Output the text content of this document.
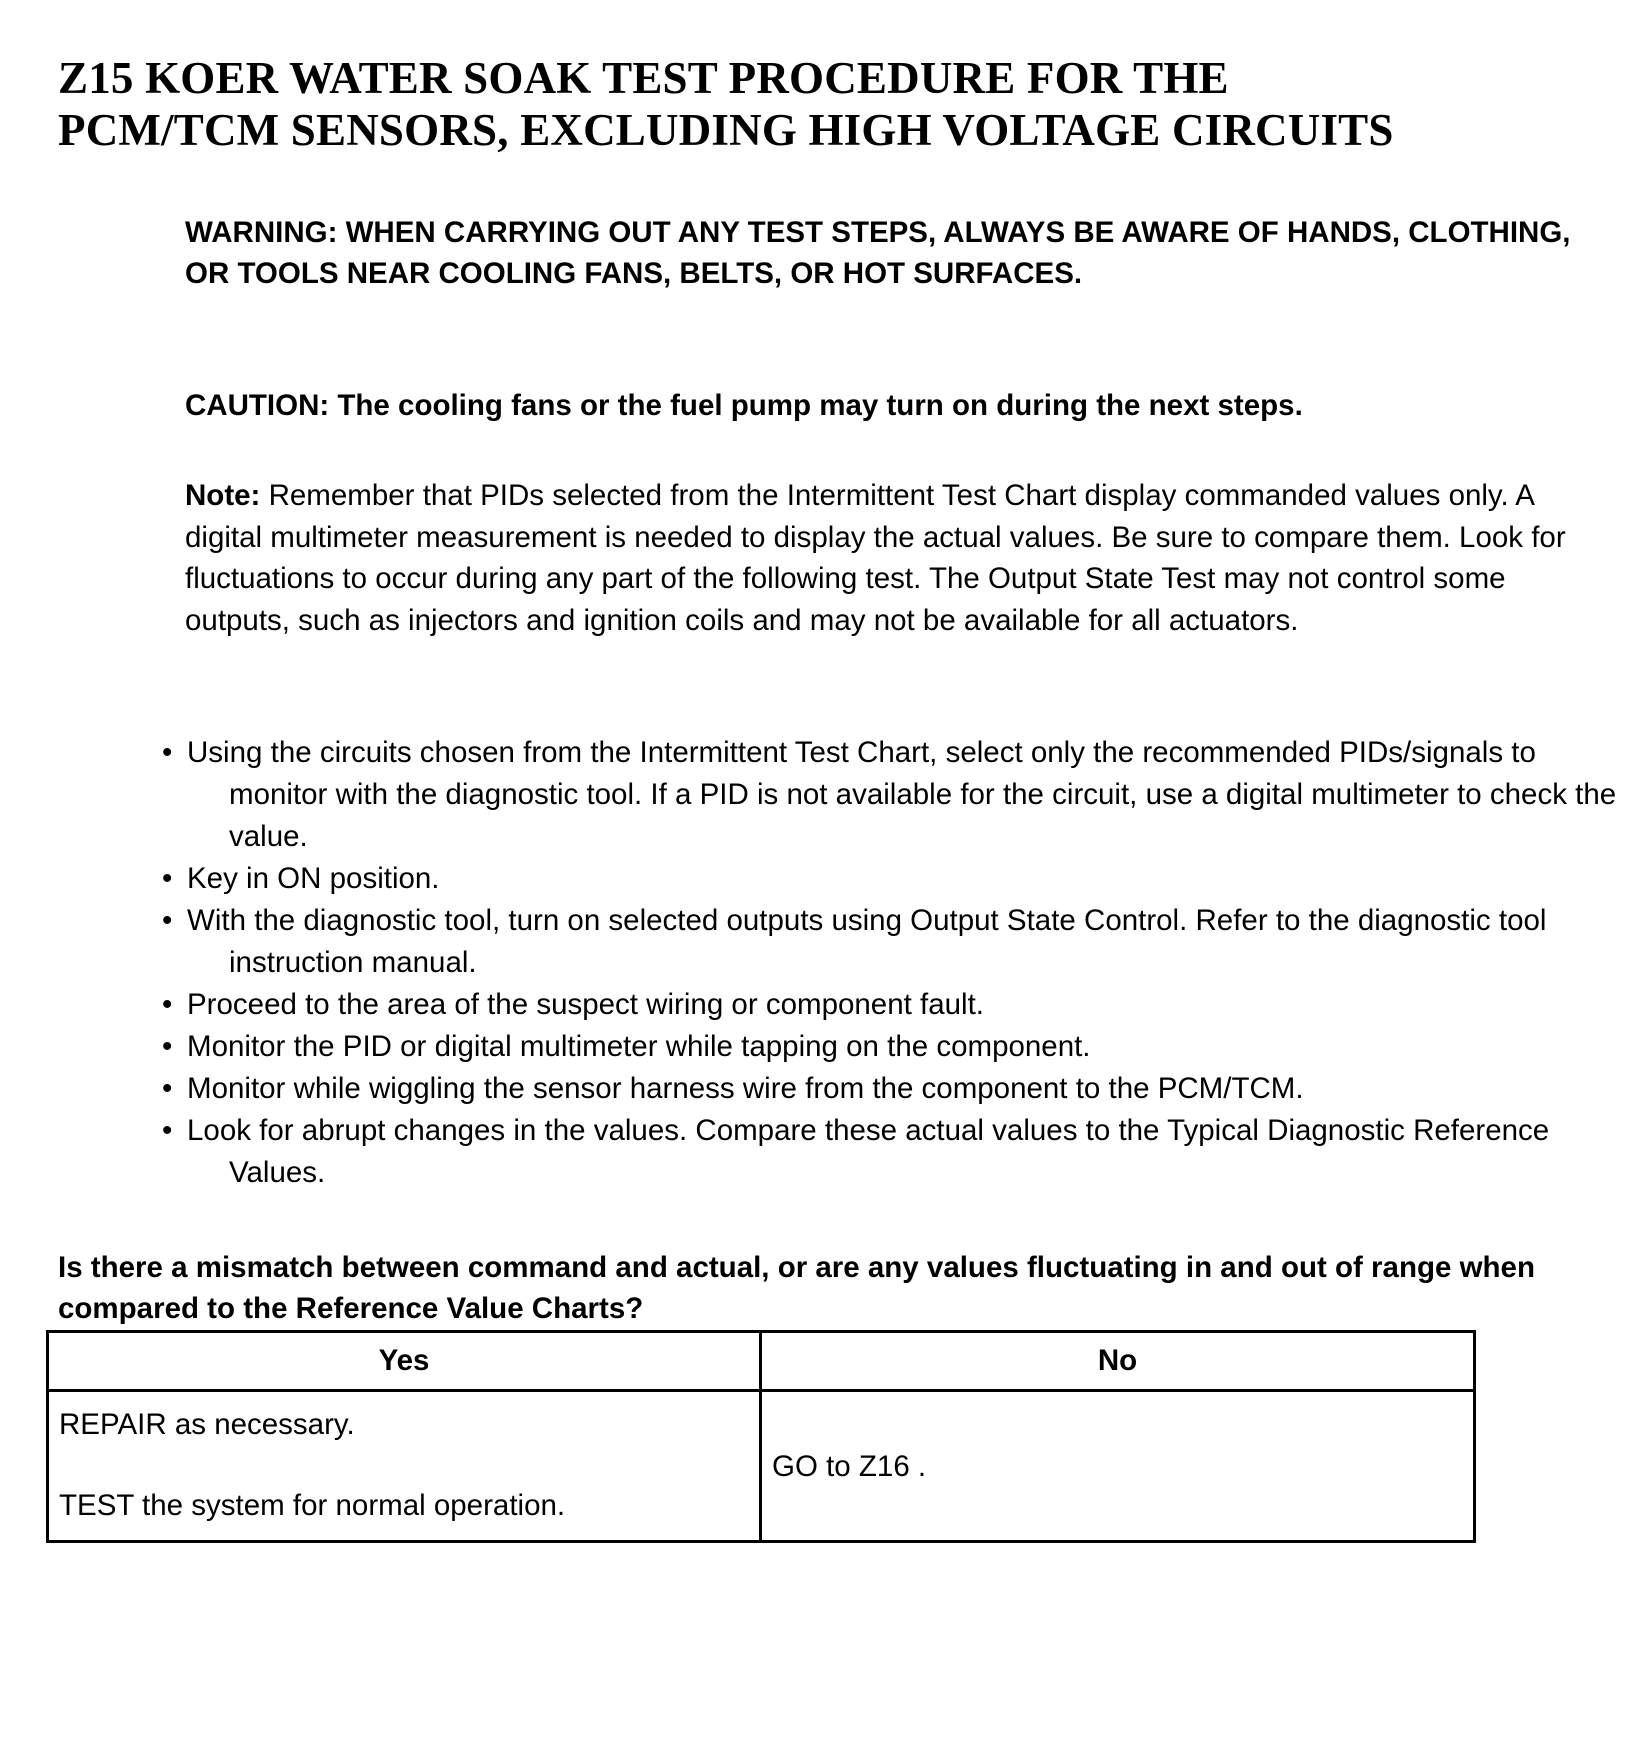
Z15 KOER WATER SOAK TEST PROCEDURE FOR THE
PCM/TCM SENSORS, EXCLUDING HIGH VOLTAGE CIRCUITS

WARNING: WHEN CARRYING OUT ANY TEST STEPS, ALWAYS BE AWARE OF HANDS, CLOTHING, OR TOOLS NEAR COOLING FANS, BELTS, OR HOT SURFACES.

CAUTION: The cooling fans or the fuel pump may turn on during the next steps.

Note: Remember that PIDs selected from the Intermittent Test Chart display commanded values only. A digital multimeter measurement is needed to display the actual values. Be sure to compare them. Look for fluctuations to occur during any part of the following test. The Output State Test may not control some outputs, such as injectors and ignition coils and may not be available for all actuators.

• Using the circuits chosen from the Intermittent Test Chart, select only the recommended PIDs/signals to monitor with the diagnostic tool. If a PID is not available for the circuit, use a digital multimeter to check the value.
• Key in ON position.
• With the diagnostic tool, turn on selected outputs using Output State Control. Refer to the diagnostic tool instruction manual.
• Proceed to the area of the suspect wiring or component fault.
• Monitor the PID or digital multimeter while tapping on the component.
• Monitor while wiggling the sensor harness wire from the component to the PCM/TCM.
• Look for abrupt changes in the values. Compare these actual values to the Typical Diagnostic Reference Values.

Is there a mismatch between command and actual, or are any values fluctuating in and out of range when compared to the Reference Value Charts?

Yes	No

REPAIR as necessary.

TEST the system for normal operation.	GO to Z16 .
